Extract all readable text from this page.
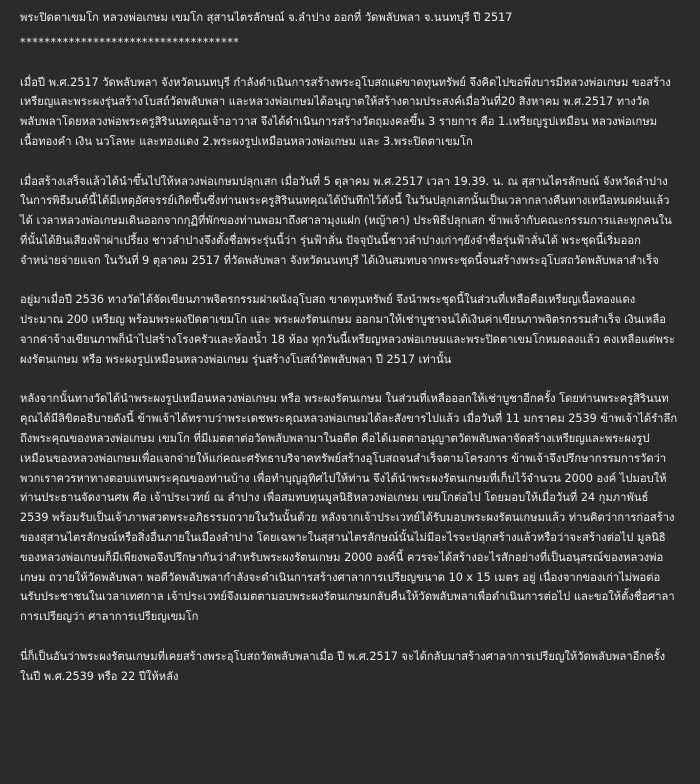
พระปิดตาเขมโก หลวงพ่อเกษม เขมโก สุสานไตรลักษณ์ จ.ลำปาง ออกที่ วัดพลับพลา จ.นนทบุรี ปี 2517

************************************

เมื่อปี พ.ศ.2517 วัดพลับพลา จังหวัดนนทบุรี กำลังดำเนินการสร้างพระอุโบสถแต่ขาดทุนทรัพย์ จึงคิดไปขอพึ่งบารมีหลวงพ่อเกษม ขอสร้างเหรียญและพระผงรุ่นสร้างโบสถ์วัดพลับพลา และหลวงพ่อเกษมได้อนุญาตให้สร้างตามประสงค์เมื่อวันที่20 สิงหาคม พ.ศ.2517 ทางวัดพลับพลาโดยหลวงพ่อพระครูสิรินนทคุณเจ้าอาวาส จึงได้ดำเนินการสร้างวัตถุมงคลขึ้น 3 รายการ คือ 1.เหรียญรูปเหมือน หลวงพ่อเกษม เนื้อทองคำ เงิน นวโลหะ และทองแดง 2.พระผงรูปเหมือนหลวงพ่อเกษม และ 3.พระปิดตาเขมโก

เมื่อสร้างเสร็จแล้วได้นำขึ้นไปให้หลวงพ่อเกษมปลุกเสก เมื่อวันที่ 5 ตุลาคม พ.ศ.2517 เวลา 19.39. น. ณ สุสานไตรลักษณ์ จังหวัดลำปาง ในการพิธีมนต์นี้ได้มีเหตุอัศจรรย์เกิดขึ้นซึ่งท่านพระครูสิรินนทคุณได้บันทึกไว้ดังนี้ ในวันปลุกเสกนั้นเป็นเวลากลางคืนทางเหนือหมดฝนแล้วได้ เวลาหลวงพ่อเกษมเดินออกจากกุฏิที่พักของท่านพอมาถึงศาลามุงแฝก (หญ้าคา) ประพิธีปลุกเสก ข้าพเจ้ากับคณะกรรมการและทุกคนในที่นั้นได้ยินเสียงฟ้าผ่าเปรี้ยง ชาวลำปางจึงตั้งชื่อพระรุ่นนี้ว่า รุ่นฟ้าลั่น ปัจจุบันนี้ชาวลำปางเก่าๆยังจำชื่อรุ่นฟ้าลั่นได้ พระชุดนี้เริ่มออกจำหน่ายจ่ายแจก ในวันที่ 9 ตุลาคม 2517 ที่วัดพลับพลา จังหวัดนนทบุรี ได้เงินสมทบจากพระชุดนี้จนสร้างพระอุโบสถวัดพลับพลาสำเร็จ

อยู่มาเมื่อปี 2536 ทางวัดได้จัดเขียนภาพจิตรกรรมฝาผนังอุโบสถ ขาดทุนทรัพย์ จึงนำพระชุดนี้ในส่วนที่เหลือคือเหรียญเนื้อทองแดงประมาณ 200 เหรียญ พร้อมพระผงปิดตาเขมโก และ พระผงรัตนเกษม ออกมาให้เช่าบูชาจนได้เงินค่าเขียนภาพจิตรกรรมสำเร็จ เงินเหลือจากค่าจ้างเขียนภาพก็นำไปสร้างโรงครัวและห้องน้ำ 18 ห้อง ทุกวันนี้เหรียญหลวงพ่อเกษมและพระปิดตาเขมโกหมดลงแล้ว คงเหลือแต่พระผงรัตนเกษม หรือ พระผงรูปเหมือนหลวงพ่อเกษม รุ่นสร้างโบสถ์วัดพลับพลา ปี 2517 เท่านั้น

หลังจากนั้นทางวัดได้นำพระผงรูปเหมือนหลวงพ่อเกษม หรือ พระผงรัตนเกษม ในส่วนที่เหลือออกให้เช่าบูชาอีกครั้ง โดยท่านพระครูสิรินนทคุณได้มีลิขิตอธิบายดังนี้ ข้าพเจ้าได้ทราบว่าพระเดชพระคุณหลวงพ่อเกษมได้ละสังขารไปแล้ว เมื่อวันที่ 11 มกราคม 2539 ข้าพเจ้าได้รำลึกถึงพระคุณของหลวงพ่อเกษม เขมโก ที่มีเมตตาต่อวัดพลับพลามาในอดีต คือได้เมตตาอนุญาตวัดพลับพลาจัดสร้างเหรียญและพระผงรูปเหมือนของหลวงพ่อเกษมเพื่อแจกจ่ายให้แก่คณะศรัทธาบริจาคทรัพย์สร้างอุโบสถจนสำเร็จตามโครงการ ข้าพเจ้าจึงปรึกษากรรมการวัดว่าพวกเราควรหาทางตอบแทนพระคุณของท่านบ้าง เพื่อทำบุญอุทิศไปให้ท่าน จึงได้นำพระผงรัตนเกษมที่เก็บไว้จำนวน 2000 องค์ ไปมอบให้ท่านประธานจัดงานศพ คือ เจ้าประเวทย์ ณ ลำปาง เพื่อสมทบทุนมูลนิธิหลวงพ่อเกษม เขมโกต่อไป โดยมอบให้เมื่อวันที่ 24 กุมภาพันธ์ 2539 พร้อมรับเป็นเจ้าภาพสวดพระอภิธรรมถวายในวันนั้นด้วย หลังจากเจ้าประเวทย์ได้รับมอบพระผงรัตนเกษมแล้ว ท่านคิดว่าการก่อสร้างของสุสานไตรลักษณ์หรือสิ่งอื่นภายในเมืองลำปาง โดยเฉพาะในสุสานไตรลักษณ์นั้นไม่มีอะไรจะปลุกสร้างแล้วหรือว่าจะสร้างต่อไป มูลนิธิของหลวงพ่อเกษมก็มีเพียงพอจึงปรึกษากันว่าสำหรับพระผงรัตนเกษม 2000 องค์นี้ ควรจะได้สร้างอะไรสักอย่างที่เป็นอนุสรณ์ของหลวงพ่อเกษม ถวายให้วัดพลับพลา พอดีวัดพลับพลากำลังจะดำเนินการสร้างศาลาการเปรียญขนาด 10 x 15 เมตร อยู่ เนื่องจากของเก่าไม่พอต่อนรับประชาชนในเวลาเทศกาล เจ้าประเวทย์จึงเมตตามอบพระผงรัตนเกษมกลับคืนให้วัดพลับพลาเพื่อดำเนินการต่อไป และขอให้ตั้งชื่อศาลาการเปรียญว่า ศาลาการเปรียญเขมโก

นี่ก็เป็นอันว่าพระผงรัตนเกษมที่เคยสร้างพระอุโบสถวัดพลับพลาเมื่อ ปี พ.ศ.2517 จะได้กลับมาสร้างศาลาการเปรียญให้วัดพลับพลาอีกครั้งในปี พ.ศ.2539 หรือ 22 ปีให้หลัง
